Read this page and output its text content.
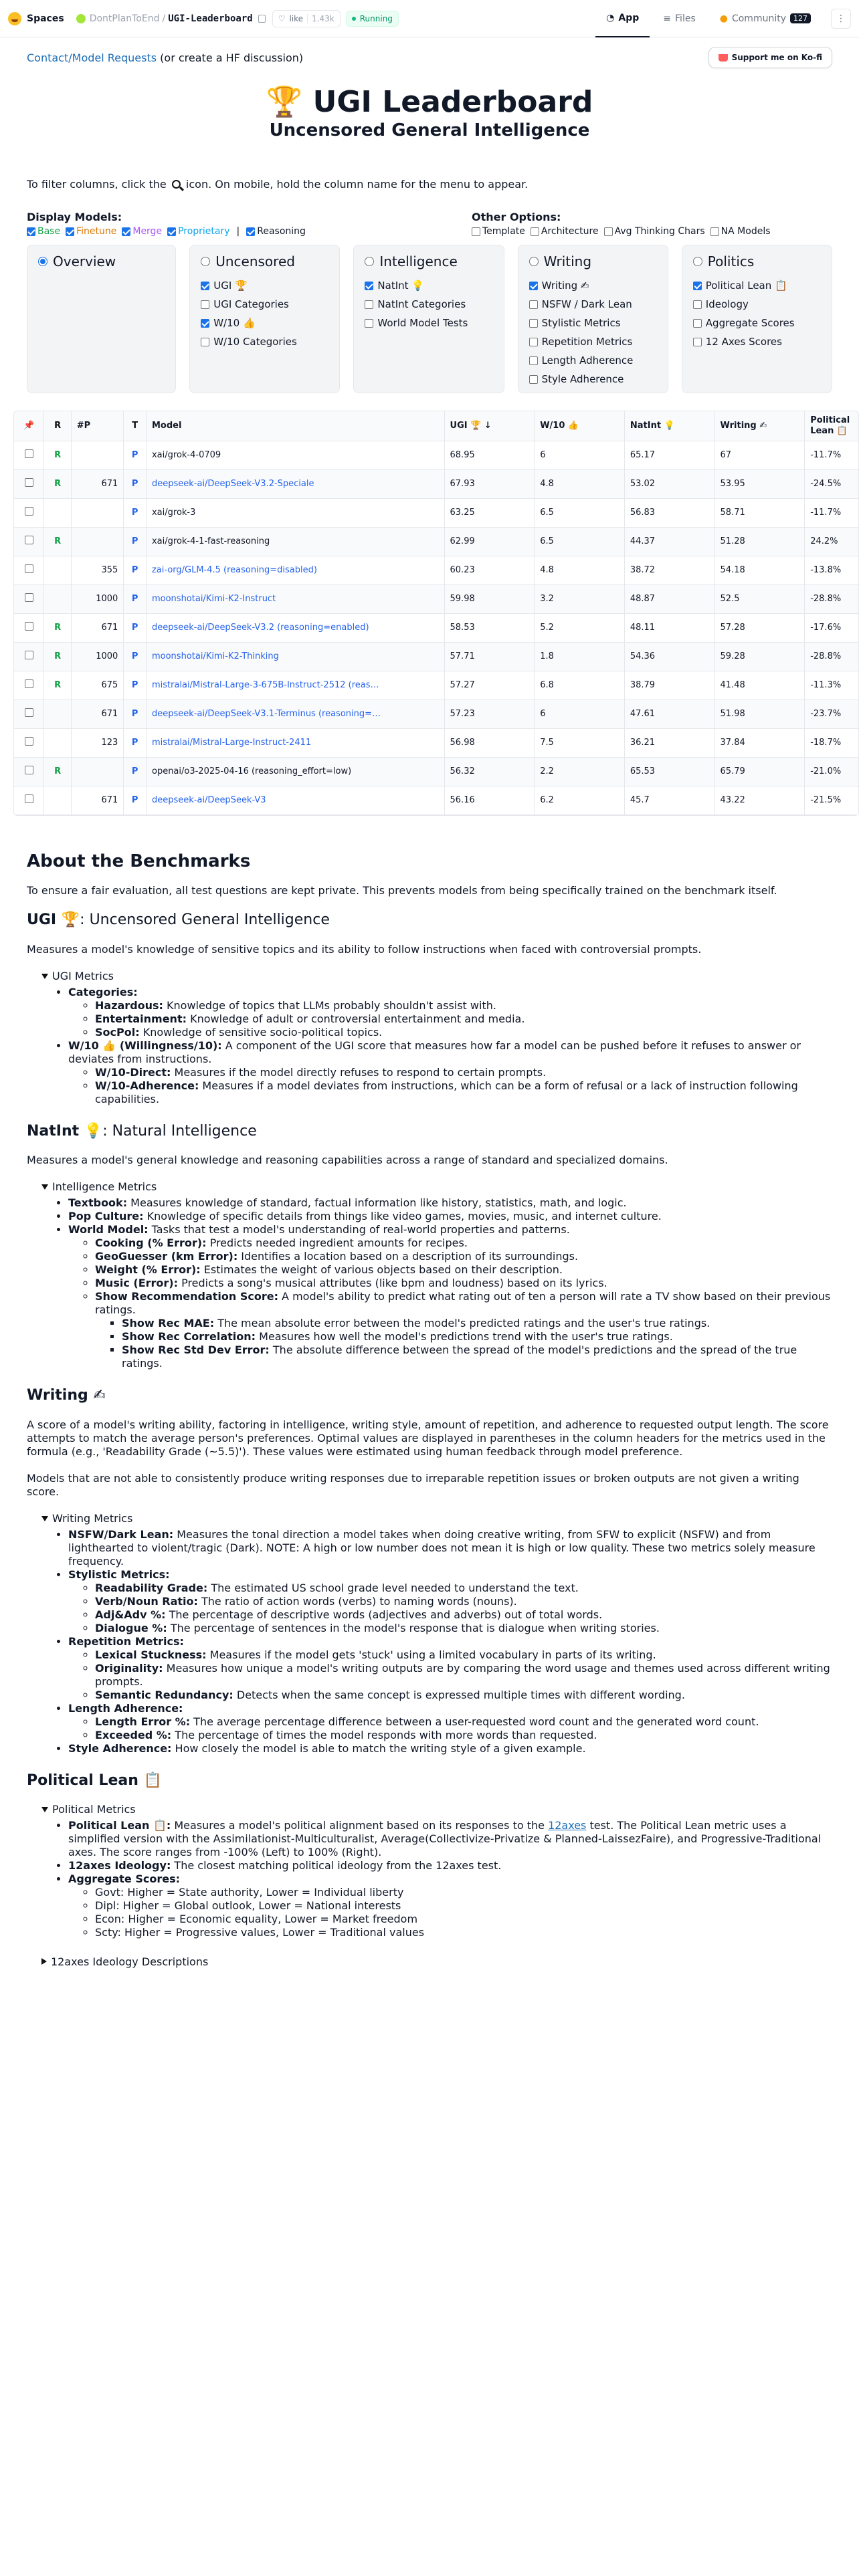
Spaces	DontPlanToEnd / UGI-Leaderboard	♡ like	1.43k	Running	◔ App	≡ Files	● Community	127	⋮
Contact/Model Requests (or create a HF discussion)	Support me on Ko-fi
🏆 UGI Leaderboard
Uncensored General Intelligence
To filter columns, click the icon. On mobile, hold the column name for the menu to appear.
Display Models:
Base Finetune Merge Proprietary | Reasoning
Other Options:
Template Architecture Avg Thinking Chars NA Models
Overview	Uncensored
UGI 🏆
UGI Categories
W/10 👍
W/10 Categories
Intelligence
NatInt 💡
NatInt Categories
World Model Tests
Writing
Writing ✍
NSFW / Dark Lean
Stylistic Metrics
Repetition Metrics
Length Adherence
Style Adherence
Politics
Political Lean 📋
Ideology
Aggregate Scores
12 Axes Scores
📌	R	#P	T	Model	UGI 🏆 ↓	W/10 👍	NatInt 💡	Writing ✍	Political Lean 📋
	R		P	xai/grok-4-0709	68.95	6	65.17	67	-11.7%
	R	671	P	deepseek-ai/DeepSeek-V3.2-Speciale	67.93	4.8	53.02	53.95	-24.5%
			P	xai/grok-3	63.25	6.5	56.83	58.71	-11.7%
	R		P	xai/grok-4-1-fast-reasoning	62.99	6.5	44.37	51.28	24.2%
		355	P	zai-org/GLM-4.5 (reasoning=disabled)	60.23	4.8	38.72	54.18	-13.8%
		1000	P	moonshotai/Kimi-K2-Instruct	59.98	3.2	48.87	52.5	-28.8%
	R	671	P	deepseek-ai/DeepSeek-V3.2 (reasoning=enabled)	58.53	5.2	48.11	57.28	-17.6%
	R	1000	P	moonshotai/Kimi-K2-Thinking	57.71	1.8	54.36	59.28	-28.8%
	R	675	P	mistralai/Mistral-Large-3-675B-Instruct-2512 (reas…	57.27	6.8	38.79	41.48	-11.3%
		671	P	deepseek-ai/DeepSeek-V3.1-Terminus (reasoning=…	57.23	6	47.61	51.98	-23.7%
		123	P	mistralai/Mistral-Large-Instruct-2411	56.98	7.5	36.21	37.84	-18.7%
	R		P	openai/o3-2025-04-16 (reasoning_effort=low)	56.32	2.2	65.53	65.79	-21.0%
		671	P	deepseek-ai/DeepSeek-V3	56.16	6.2	45.7	43.22	-21.5%
About the Benchmarks

To ensure a fair evaluation, all test questions are kept private. This prevents models from being specifically trained on the benchmark itself.

UGI 🏆: Uncensored General Intelligence

Measures a model's knowledge of sensitive topics and its ability to follow instructions when faced with controversial prompts.

UGI Metrics
• Categories:
◦ Hazardous: Knowledge of topics that LLMs probably shouldn't assist with.
◦ Entertainment: Knowledge of adult or controversial entertainment and media.
◦ SocPol: Knowledge of sensitive socio-political topics.
• W/10 👍 (Willingness/10): A component of the UGI score that measures how far a model can be pushed before it refuses to answer or deviates from instructions.
◦ W/10-Direct: Measures if the model directly refuses to respond to certain prompts.
◦ W/10-Adherence: Measures if a model deviates from instructions, which can be a form of refusal or a lack of instruction following capabilities.
NatInt 💡: Natural Intelligence

Measures a model's general knowledge and reasoning capabilities across a range of standard and specialized domains.

Intelligence Metrics
• Textbook: Measures knowledge of standard, factual information like history, statistics, math, and logic.
• Pop Culture: Knowledge of specific details from things like video games, movies, music, and internet culture.
• World Model: Tasks that test a model's understanding of real-world properties and patterns.
◦ Cooking (% Error): Predicts needed ingredient amounts for recipes.
◦ GeoGuesser (km Error): Identifies a location based on a description of its surroundings.
◦ Weight (% Error): Estimates the weight of various objects based on their description.
◦ Music (Error): Predicts a song's musical attributes (like bpm and loudness) based on its lyrics.
◦ Show Recommendation Score: A model's ability to predict what rating out of ten a person will rate a TV show based on their previous ratings.
▪ Show Rec MAE: The mean absolute error between the model's predicted ratings and the user's true ratings.
▪ Show Rec Correlation: Measures how well the model's predictions trend with the user's true ratings.
▪ Show Rec Std Dev Error: The absolute difference between the spread of the model's predictions and the spread of the true ratings.
Writing ✍

A score of a model's writing ability, factoring in intelligence, writing style, amount of repetition, and adherence to requested output length. The score attempts to match the average person's preferences. Optimal values are displayed in parentheses in the column headers for the metrics used in the formula (e.g., 'Readability Grade (~5.5)'). These values were estimated using human feedback through model preference.

Models that are not able to consistently produce writing responses due to irreparable repetition issues or broken outputs are not given a writing score.

Writing Metrics
• NSFW/Dark Lean: Measures the tonal direction a model takes when doing creative writing, from SFW to explicit (NSFW) and from lighthearted to violent/tragic (Dark). NOTE: A high or low number does not mean it is high or low quality. These two metrics solely measure frequency.
• Stylistic Metrics:
◦ Readability Grade: The estimated US school grade level needed to understand the text.
◦ Verb/Noun Ratio: The ratio of action words (verbs) to naming words (nouns).
◦ Adj&Adv %: The percentage of descriptive words (adjectives and adverbs) out of total words.
◦ Dialogue %: The percentage of sentences in the model's response that is dialogue when writing stories.
• Repetition Metrics:
◦ Lexical Stuckness: Measures if the model gets 'stuck' using a limited vocabulary in parts of its writing.
◦ Originality: Measures how unique a model's writing outputs are by comparing the word usage and themes used across different writing prompts.
◦ Semantic Redundancy: Detects when the same concept is expressed multiple times with different wording.
• Length Adherence:
◦ Length Error %: The average percentage difference between a user-requested word count and the generated word count.
◦ Exceeded %: The percentage of times the model responds with more words than requested.
• Style Adherence: How closely the model is able to match the writing style of a given example.
Political Lean 📋
Political Metrics
• Political Lean 📋: Measures a model's political alignment based on its responses to the 12axes test. The Political Lean metric uses a simplified version with the Assimilationist-Multiculturalist, Average(Collectivize-Privatize & Planned-LaissezFaire), and Progressive-Traditional axes. The score ranges from -100% (Left) to 100% (Right).
• 12axes Ideology: The closest matching political ideology from the 12axes test.
• Aggregate Scores:
◦ Govt: Higher = State authority, Lower = Individual liberty
◦ Dipl: Higher = Global outlook, Lower = National interests
◦ Econ: Higher = Economic equality, Lower = Market freedom
◦ Scty: Higher = Progressive values, Lower = Traditional values
12axes Ideology Descriptions
